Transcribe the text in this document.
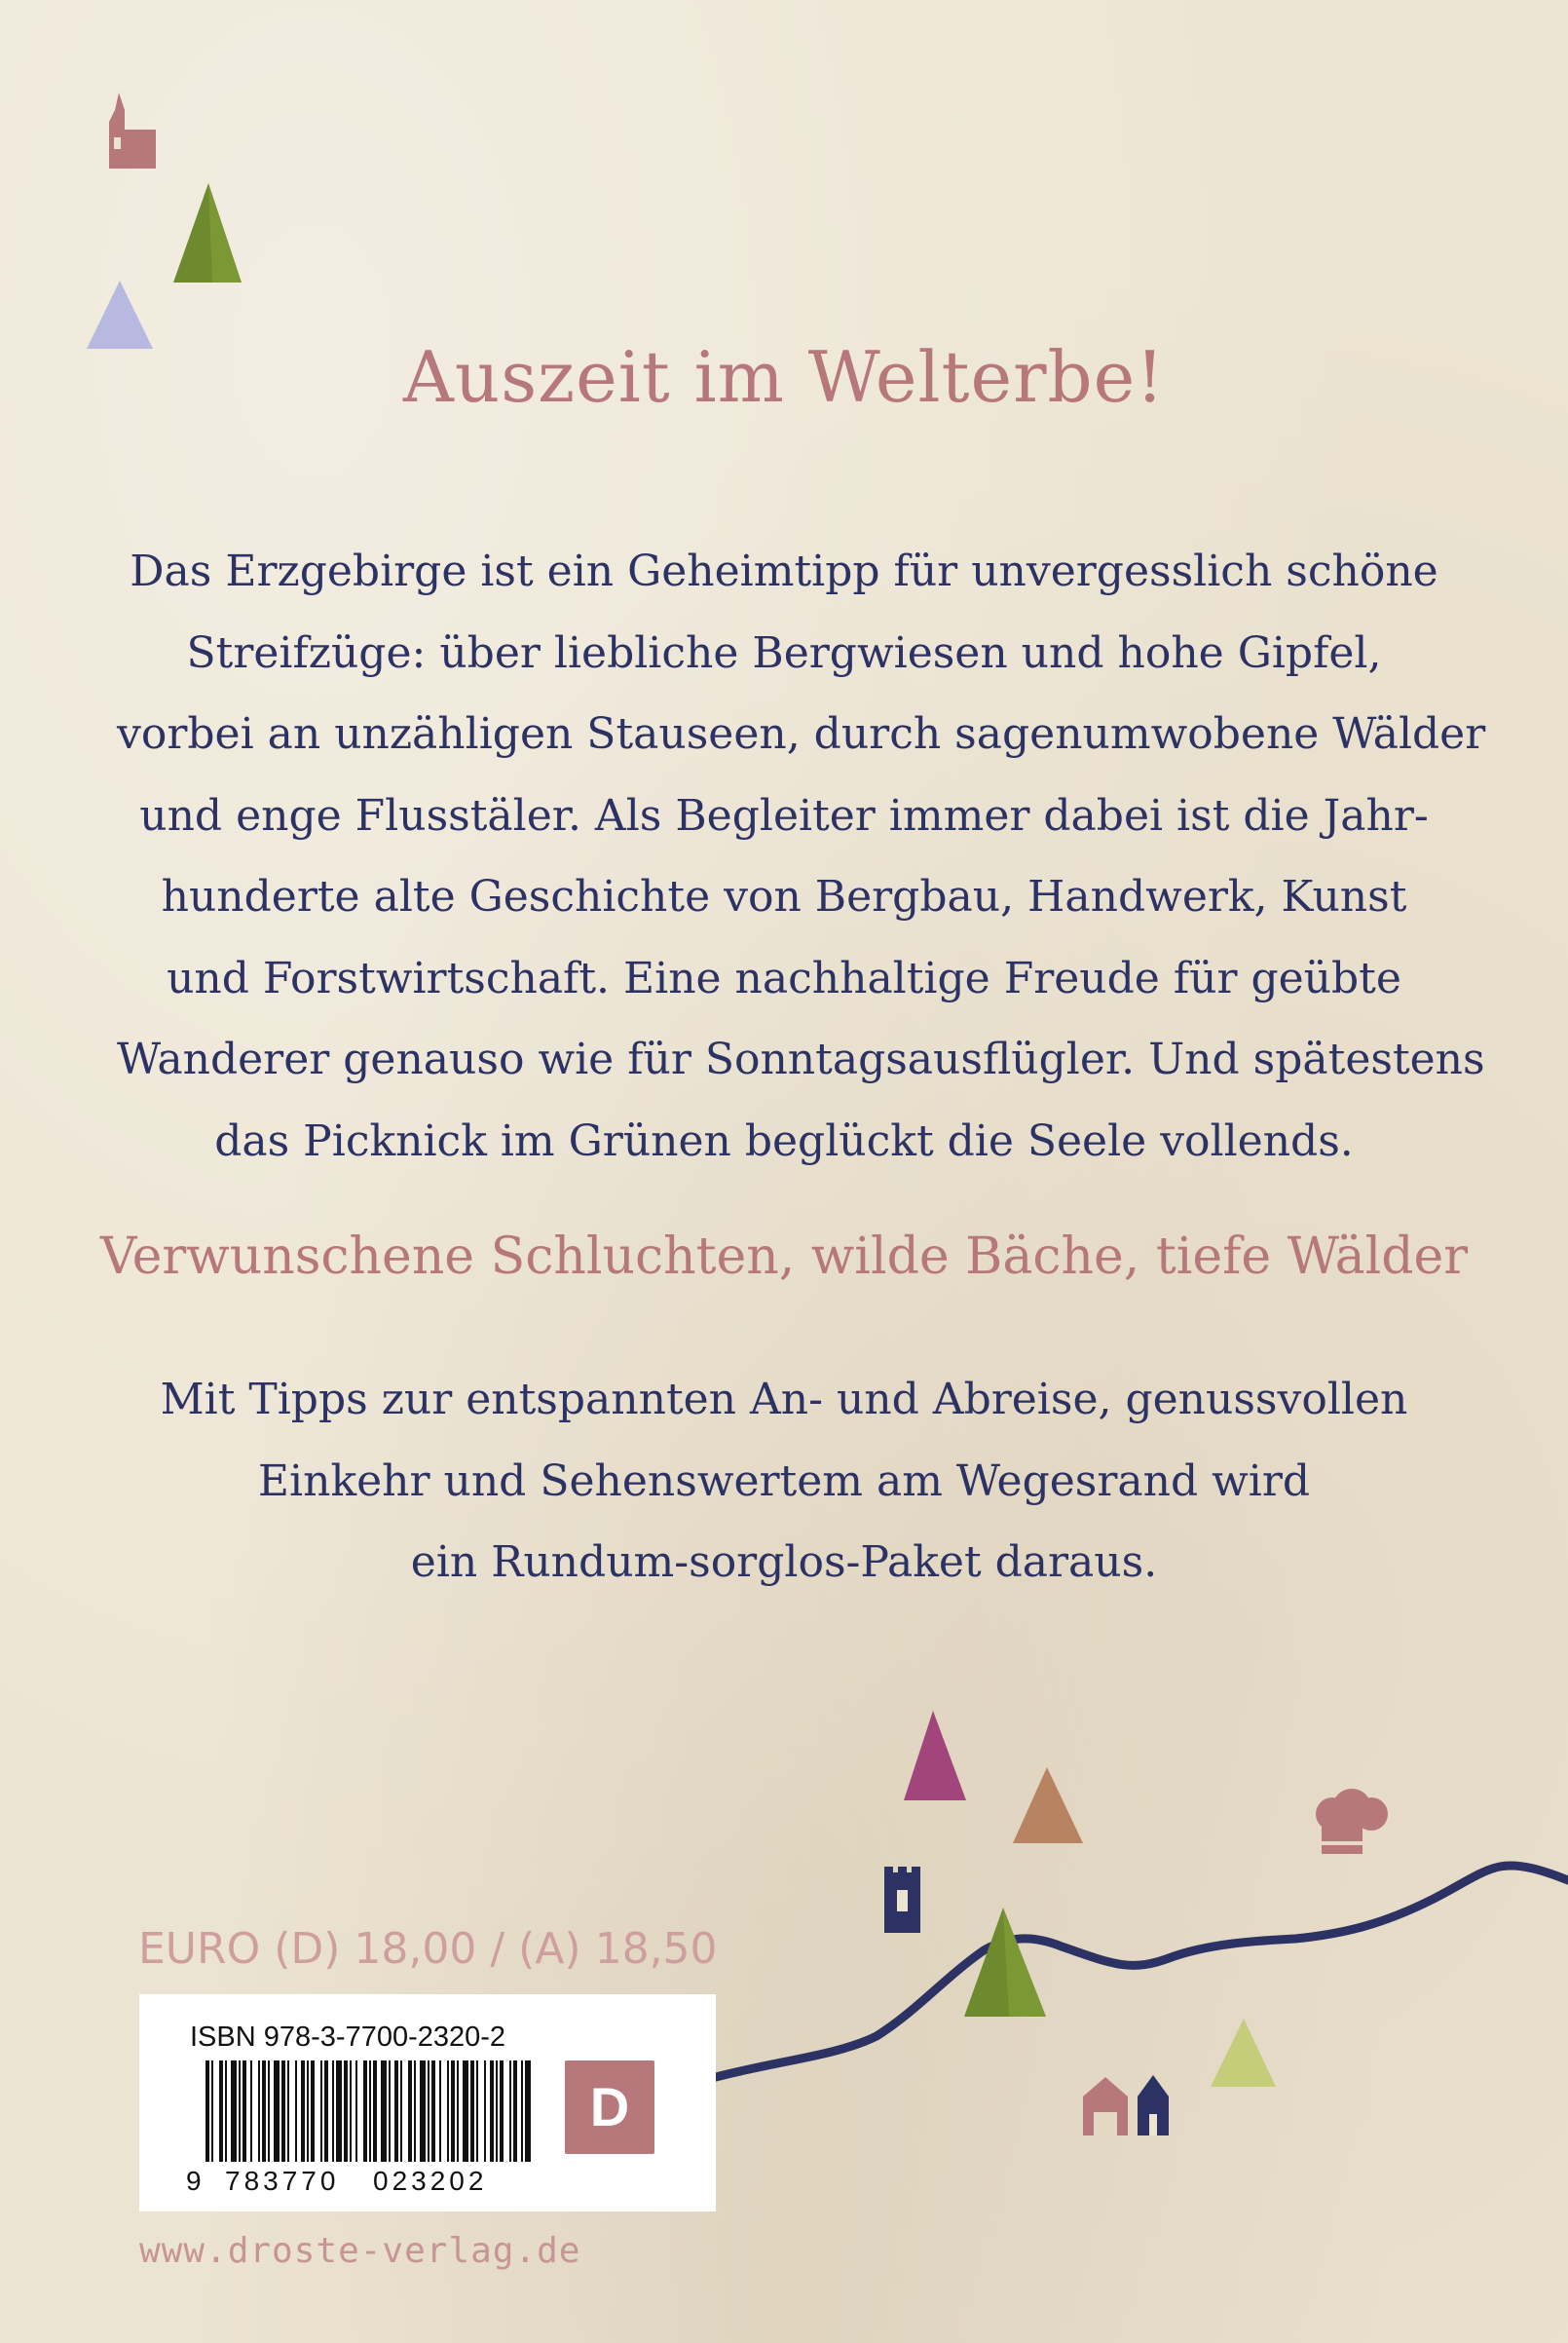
Auszeit im Welterbe!
Das Erzgebirge ist ein Geheimtipp für unvergesslich schöne
Streifzüge: über liebliche Bergwiesen und hohe Gipfel,
vorbei an unzähligen Stauseen, durch sagenumwobene Wälder
und enge Flusstäler. Als Begleiter immer dabei ist die Jahr-
hunderte alte Geschichte von Bergbau, Handwerk, Kunst
und Forstwirtschaft. Eine nachhaltige Freude für geübte
Wanderer genauso wie für Sonntagsausflügler. Und spätestens
das Picknick im Grünen beglückt die Seele vollends.
Verwunschene Schluchten, wilde Bäche, tiefe Wälder
Mit Tipps zur entspannten An- und Abreise, genussvollen
Einkehr und Sehenswertem am Wegesrand wird
ein Rundum-sorglos-Paket daraus.
EURO (D) 18,00 / (A) 18,50
ISBN 978-3-7700-2320-2
9 783770 023202
D
www.droste-verlag.de
